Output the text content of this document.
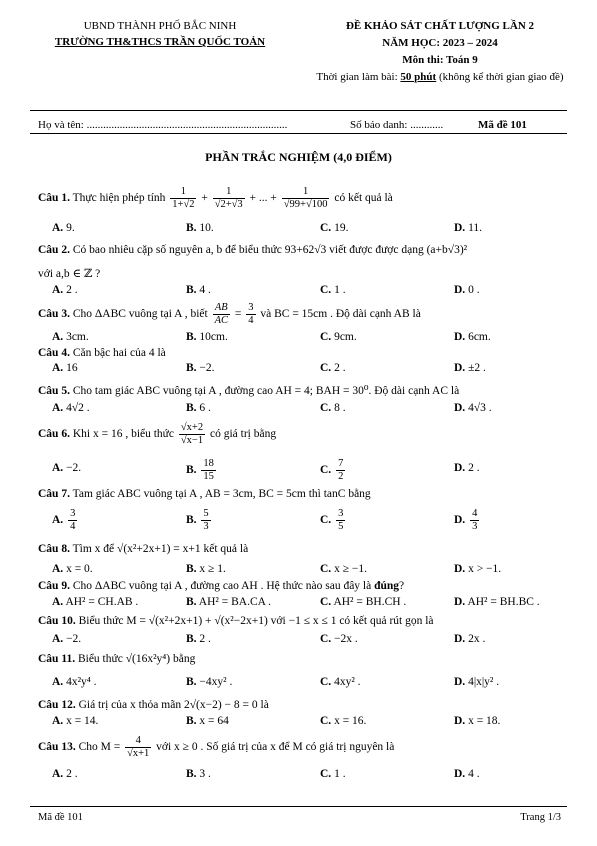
UBND THÀNH PHỐ BẮC NINH
TRƯỜNG TH&THCS TRẦN QUỐC TOẢN
ĐỀ KHẢO SÁT CHẤT LƯỢNG LẦN 2
NĂM HỌC: 2023 – 2024
Môn thi: Toán 9
Thời gian làm bài: 50 phút (không kể thời gian giao đề)
Họ và tên: .........................................................................	Số báo danh: ............	Mã đề 101
PHẦN TRẮC NGHIỆM (4,0 ĐIỂM)
Câu 1. Thực hiện phép tính $\frac{1}{1+√2} + \frac{1}{√2+√3}$ + ... + $\frac{1}{√99+√100}$ có kết quả là
A. 9.	B. 10.	C. 19.	D. 11.
Câu 2. Có bao nhiêu cặp số nguyên a, b để biểu thức 93+62√3 viết được được dạng (a+b√3)²
với a,b ∈ ℤ ?
A. 2 .	B. 4 .	C. 1 .	D. 0 .
Câu 3. Cho ΔABC vuông tại A , biết $\frac{AB}{AC} = \frac{3}{4}$ và BC = 15cm . Độ dài cạnh AB là
A. 3cm.	B. 10cm.	C. 9cm.	D. 6cm.
Câu 4. Căn bậc hai của 4 là
A. 16	B. −2.	C. 2 .	D. ±2 .
Câu 5. Cho tam giác ABC vuông tại A , đường cao AH = 4; BAH = 30⁰. Độ dài cạnh AC là
A. 4√2 .	B. 6 .	C. 8 .	D. 4√3 .
Câu 6. Khi x = 16 , biểu thức $\frac{√x+2}{√x-1}$ có giá trị bằng
A. −2.	B. $\frac{18}{15}$	C. $\frac{7}{2}$	D. 2 .
Câu 7. Tam giác ABC vuông tại A , AB = 3cm, BC = 5cm thì tanC bằng
A. $\frac{3}{4}$	B. $\frac{5}{3}$	C. $\frac{3}{5}$	D. $\frac{4}{3}$
Câu 8. Tìm x để √(x²+2x+1) = x+1 kết quả là
A. x = 0.	B. x ≥ 1.	C. x ≥ −1.	D. x > −1.
Câu 9. Cho ΔABC vuông tại A , đường cao AH . Hệ thức nào sau đây là đúng?
A. AH² = CH.AB .	B. AH² = BA.CA .	C. AH² = BH.CH .	D. AH² = BH.BC .
Câu 10. Biểu thức M = √(x²+2x+1) + √(x²−2x+1) với −1 ≤ x ≤ 1 có kết quả rút gọn là
A. −2.	B. 2 .	C. −2x .	D. 2x .
Câu 11. Biểu thức √(16x²y⁴) bằng
A. 4x²y⁴ .	B. −4xy² .	C. 4xy² .	D. 4|x|y² .
Câu 12. Giá trị của x thỏa mãn 2√(x−2) − 8 = 0 là
A. x = 14.	B. x = 64	C. x = 16.	D. x = 18.
Câu 13. Cho $M = \frac{4}{√x+1}$ với x ≥ 0 . Số giá trị của x để M có giá trị nguyên là
A. 2 .	B. 3 .	C. 1 .	D. 4 .
Mã đề 101	Trang 1/3
